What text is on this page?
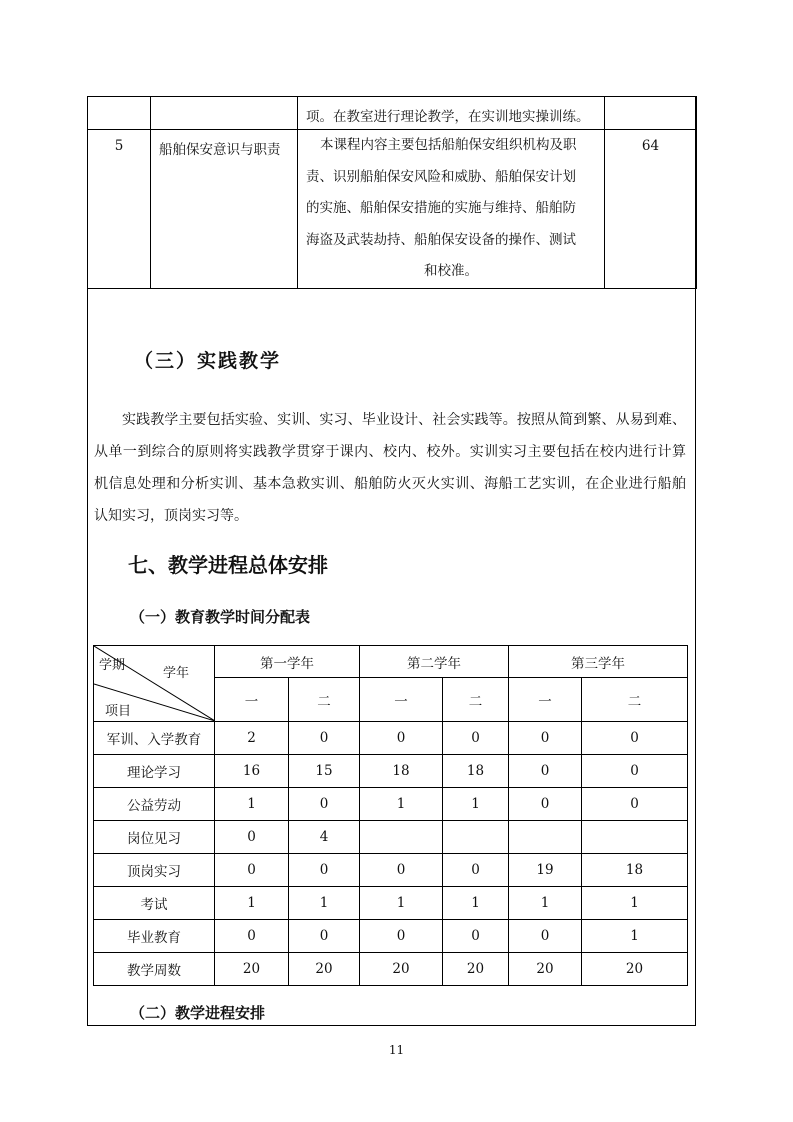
		项。在教室进行理论教学，在实训地实操训练。	

5	船舶保安意识与职责	本课程内容主要包括船舶保安组织机构及职
责、识别船舶保安风险和威胁、船舶保安计划
的实施、船舶保安措施的实施与维持、船舶防
海盗及武装劫持、船舶保安设备的操作、测试
和校准。	64
（三）实践教学
实践教学主要包括实验、实训、实习、毕业设计、社会实践等。按照从简到繁、从易到难、
从单一到综合的原则将实践教学贯穿于课内、校内、校外。实训实习主要包括在校内进行计算
机信息处理和分析实训、基本急救实训、船舶防火灭火实训、海船工艺实训，在企业进行船舶
认知实习，顶岗实习等。
七、教学进程总体安排
（一）教育教学时间分配表
学期
学年
项目	第一学年		第二学年		第三学年	
	一	二	一	二	一	二
军训、入学教育	2	0	0	0	0	0
理论学习	16	15	18	18	0	0
公益劳动	1	0	1	1	0	0
岗位见习	0	4				
顶岗实习	0	0	0	0	19	18
考试	1	1	1	1	1	1
毕业教育	0	0	0	0	0	1
教学周数	20	20	20	20	20	20
（二）教学进程安排
11
